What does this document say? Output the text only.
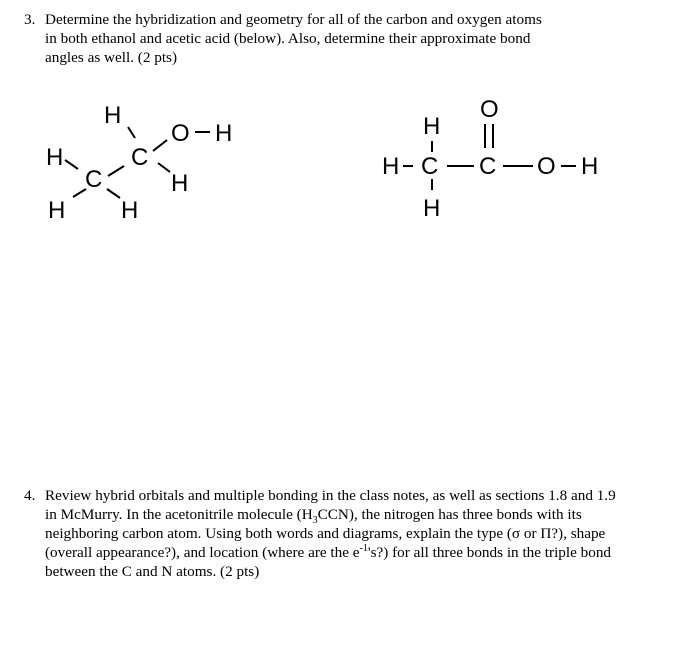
3. Determine the hybridization and geometry for all of the carbon and oxygen atoms
in both ethanol and acetic acid (below). Also, determine their approximate bond
angles as well. (2 pts)
H
O H
C
H
C	H
H H
H
O
H C C O H
H
4. Review hybrid orbitals and multiple bonding in the class notes, as well as sections 1.8 and 1.9
in McMurry. In the acetonitrile molecule $(H_3CCN)$, the nitrogen has three bonds with its
neighboring carbon atom. Using both words and diagrams, explain the type (σ or Π?), shape
(overall appearance?), and location (where are the $e^{-1}'s$?) for all three bonds in the triple bond
between the C and N atoms. (2 pts)
